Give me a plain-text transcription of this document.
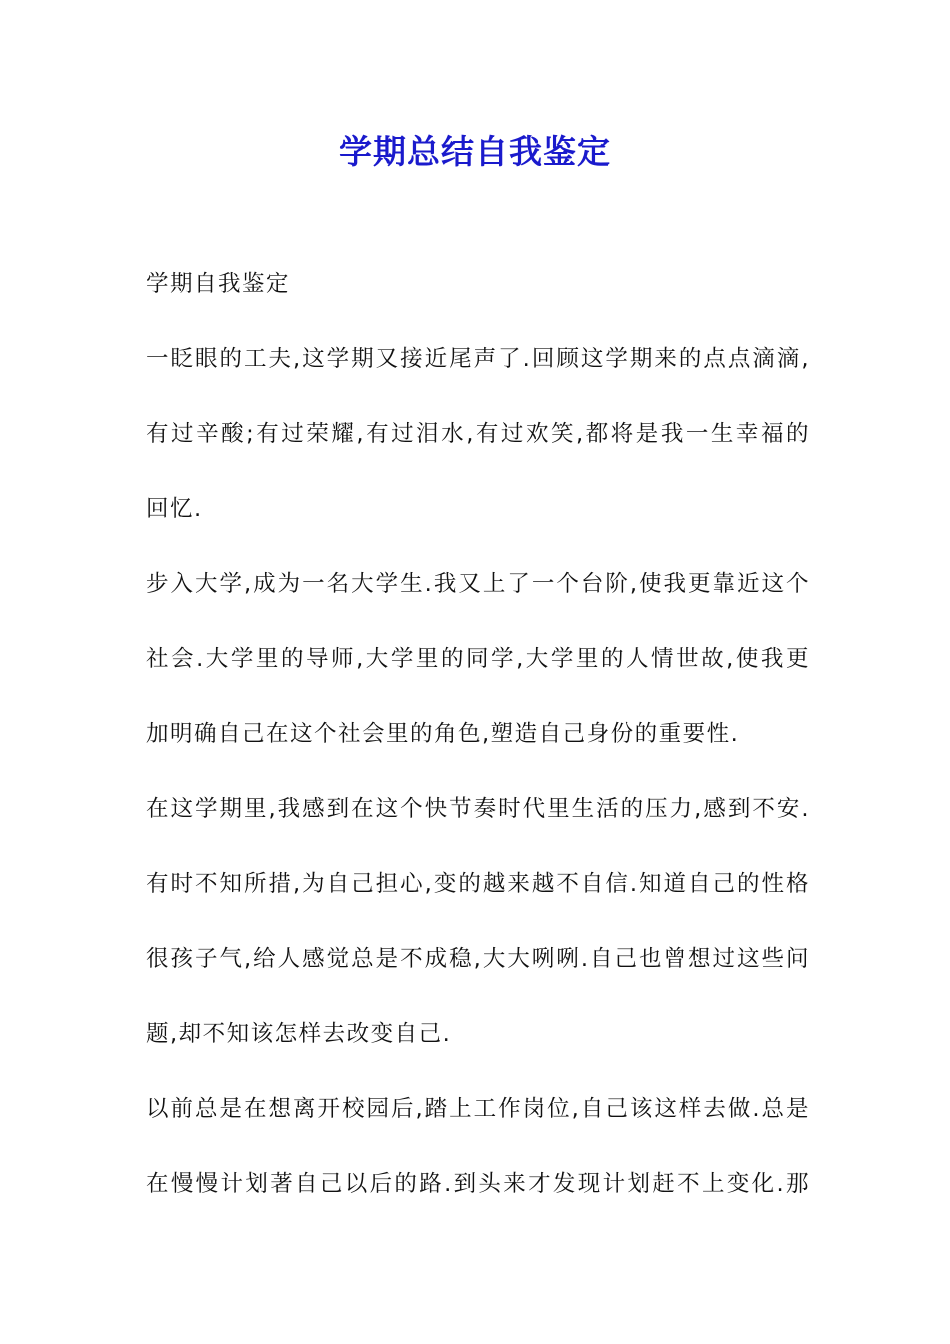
学期总结自我鉴定
学期自我鉴定
一眨眼的工夫,这学期又接近尾声了.回顾这学期来的点点滴滴,
有过辛酸;有过荣耀,有过泪水,有过欢笑,都将是我一生幸福的
回忆.
步入大学,成为一名大学生.我又上了一个台阶,使我更靠近这个
社会.大学里的导师,大学里的同学,大学里的人情世故,使我更
加明确自己在这个社会里的角色,塑造自己身份的重要性.
在这学期里,我感到在这个快节奏时代里生活的压力,感到不安.
有时不知所措,为自己担心,变的越来越不自信.知道自己的性格
很孩子气,给人感觉总是不成稳,大大咧咧.自己也曾想过这些问
题,却不知该怎样去改变自己.
以前总是在想离开校园后,踏上工作岗位,自己该这样去做.总是
在慢慢计划著自己以后的路.到头来才发现计划赶不上变化.那
